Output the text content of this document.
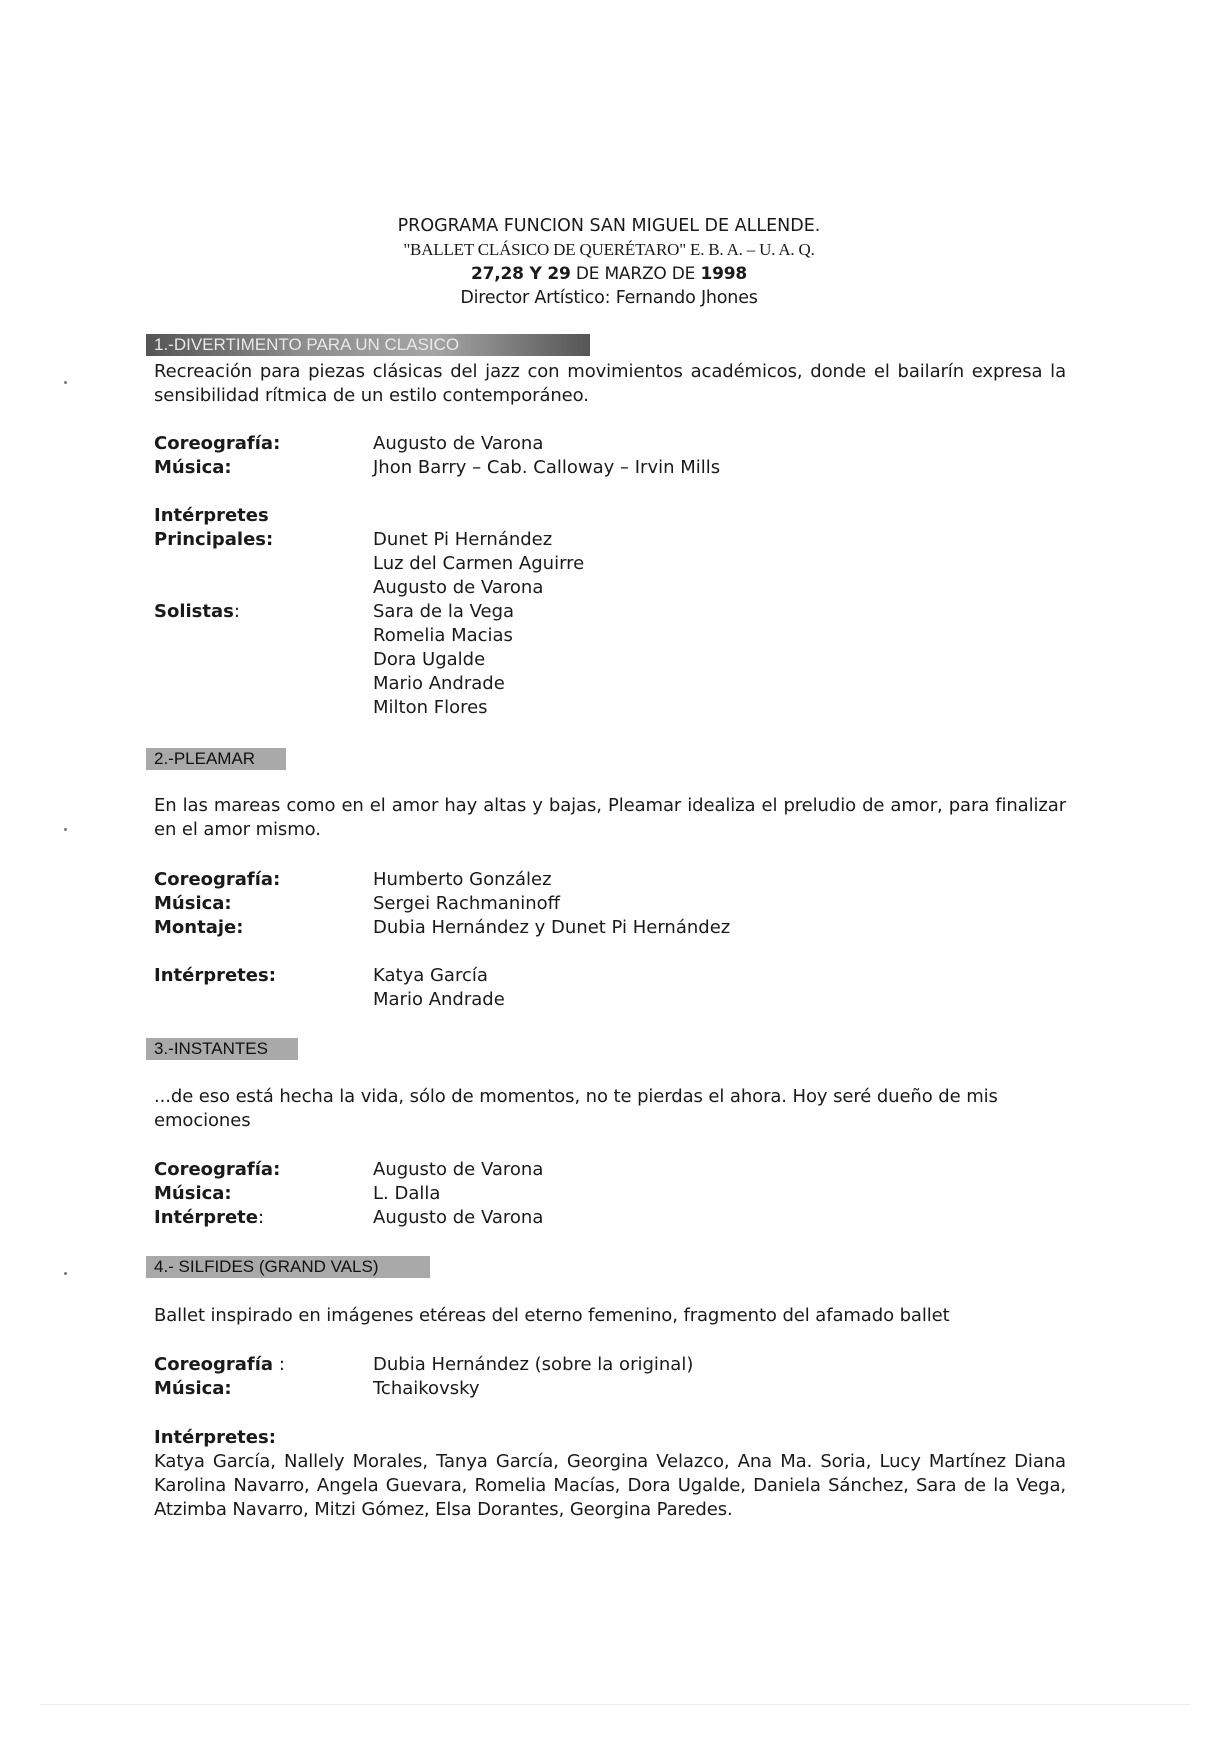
PROGRAMA FUNCION SAN MIGUEL DE ALLENDE.
"BALLET CLÁSICO DE QUERÉTARO" E. B. A. – U. A. Q.
27,28 Y 29 DE MARZO DE 1998
Director Artístico: Fernando Jhones
1.-DIVERTIMENTO PARA UN CLASICO
Recreación para piezas clásicas del jazz con movimientos académicos, donde el bailarín expresa la sensibilidad rítmica de un estilo contemporáneo.
Coreografía:	Augusto de Varona
Música:	Jhon Barry – Cab. Calloway – Irvin Mills
Intérpretes
Principales:	Dunet Pi Hernández
Luz del Carmen Aguirre
Augusto de Varona
Solistas:	Sara de la Vega
Romelia Macias
Dora Ugalde
Mario Andrade
Milton Flores
2.-PLEAMAR
En las mareas como en el amor hay altas y bajas, Pleamar idealiza el preludio de amor, para finalizar en el amor mismo.
Coreografía:	Humberto González
Música:	Sergei Rachmaninoff
Montaje:	Dubia Hernández y Dunet Pi Hernández
Intérpretes:	Katya García
Mario Andrade
3.-INSTANTES
...de eso está hecha la vida, sólo de momentos, no te pierdas el ahora. Hoy seré dueño de mis emociones
Coreografía:	Augusto de Varona
Música:	L. Dalla
Intérprete:	Augusto de Varona
4.- SILFIDES (GRAND VALS)
Ballet inspirado en imágenes etéreas del eterno femenino, fragmento del afamado ballet
Coreografía :	Dubia Hernández (sobre la original)
Música:	Tchaikovsky
Intérpretes:
Katya García, Nallely Morales, Tanya García, Georgina Velazco, Ana Ma. Soria, Lucy Martínez Diana Karolina Navarro, Angela Guevara, Romelia Macías, Dora Ugalde, Daniela Sánchez, Sara de la Vega, Atzimba Navarro, Mitzi Gómez, Elsa Dorantes, Georgina Paredes.
